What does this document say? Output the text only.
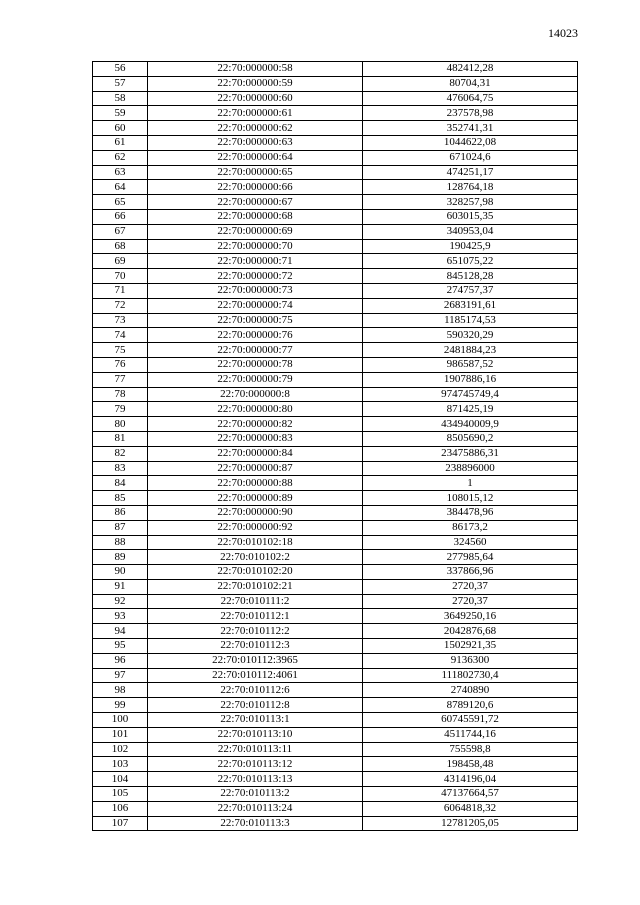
14023
56	22:70:000000:58	482412,28
57	22:70:000000:59	80704,31
58	22:70:000000:60	476064,75
59	22:70:000000:61	237578,98
60	22:70:000000:62	352741,31
61	22:70:000000:63	1044622,08
62	22:70:000000:64	671024,6
63	22:70:000000:65	474251,17
64	22:70:000000:66	128764,18
65	22:70:000000:67	328257,98
66	22:70:000000:68	603015,35
67	22:70:000000:69	340953,04
68	22:70:000000:70	190425,9
69	22:70:000000:71	651075,22
70	22:70:000000:72	845128,28
71	22:70:000000:73	274757,37
72	22:70:000000:74	2683191,61
73	22:70:000000:75	1185174,53
74	22:70:000000:76	590320,29
75	22:70:000000:77	2481884,23
76	22:70:000000:78	986587,52
77	22:70:000000:79	1907886,16
78	22:70:000000:8	974745749,4
79	22:70:000000:80	871425,19
80	22:70:000000:82	434940009,9
81	22:70:000000:83	8505690,2
82	22:70:000000:84	23475886,31
83	22:70:000000:87	238896000
84	22:70:000000:88	1
85	22:70:000000:89	108015,12
86	22:70:000000:90	384478,96
87	22:70:000000:92	86173,2
88	22:70:010102:18	324560
89	22:70:010102:2	277985,64
90	22:70:010102:20	337866,96
91	22:70:010102:21	2720,37
92	22:70:010111:2	2720,37
93	22:70:010112:1	3649250,16
94	22:70:010112:2	2042876,68
95	22:70:010112:3	1502921,35
96	22:70:010112:3965	9136300
97	22:70:010112:4061	111802730,4
98	22:70:010112:6	2740890
99	22:70:010112:8	8789120,6
100	22:70:010113:1	60745591,72
101	22:70:010113:10	4511744,16
102	22:70:010113:11	755598,8
103	22:70:010113:12	198458,48
104	22:70:010113:13	4314196,04
105	22:70:010113:2	47137664,57
106	22:70:010113:24	6064818,32
107	22:70:010113:3	12781205,05
